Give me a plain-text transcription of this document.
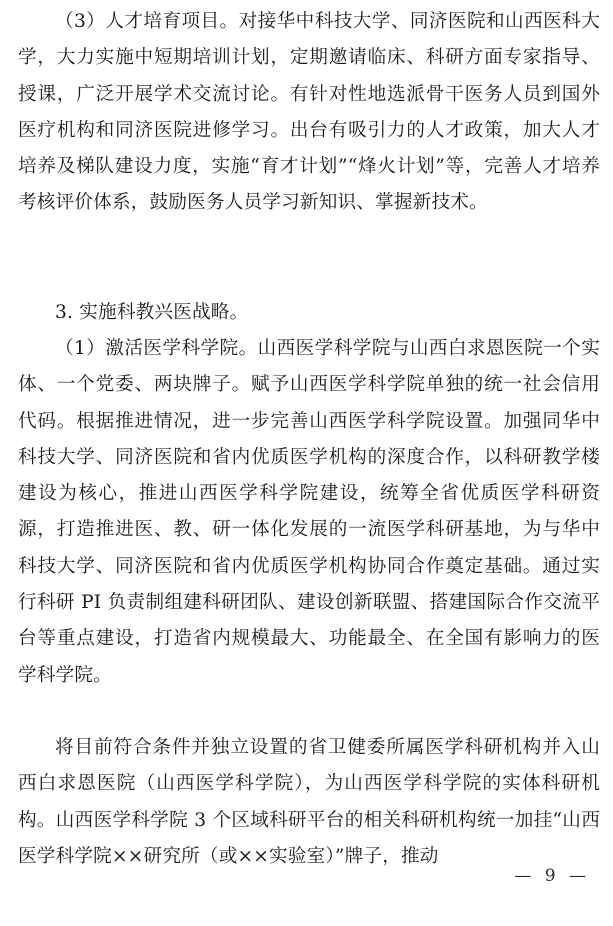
（3）人才培育项目。对接华中科技大学、同济医院和山西医科大学，大力实施中短期培训计划，定期邀请临床、科研方面专家指导、授课，广泛开展学术交流讨论。有针对性地选派骨干医务人员到国外医疗机构和同济医院进修学习。出台有吸引力的人才政策，加大人才培养及梯队建设力度，实施“育才计划”“烽火计划”等，完善人才培养考核评价体系，鼓励医务人员学习新知识、掌握新技术。

3. 实施科教兴医战略。

（1）激活医学科学院。山西医学科学院与山西白求恩医院一个实体、一个党委、两块牌子。赋予山西医学科学院单独的统一社会信用代码。根据推进情况，进一步完善山西医学科学院设置。加强同华中科技大学、同济医院和省内优质医学机构的深度合作，以科研教学楼建设为核心，推进山西医学科学院建设，统筹全省优质医学科研资源，打造推进医、教、研一体化发展的一流医学科研基地，为与华中科技大学、同济医院和省内优质医学机构协同合作奠定基础。通过实行科研 PI 负责制组建科研团队、建设创新联盟、搭建国际合作交流平台等重点建设，打造省内规模最大、功能最全、在全国有影响力的医学科学院。

将目前符合条件并独立设置的省卫健委所属医学科研机构并入山西白求恩医院（山西医学科学院），为山西医学科学院的实体科研机构。山西医学科学院 3 个区域科研平台的相关科研机构统一加挂“山西医学科学院××研究所（或××实验室）”牌子，推动

— 9 —
